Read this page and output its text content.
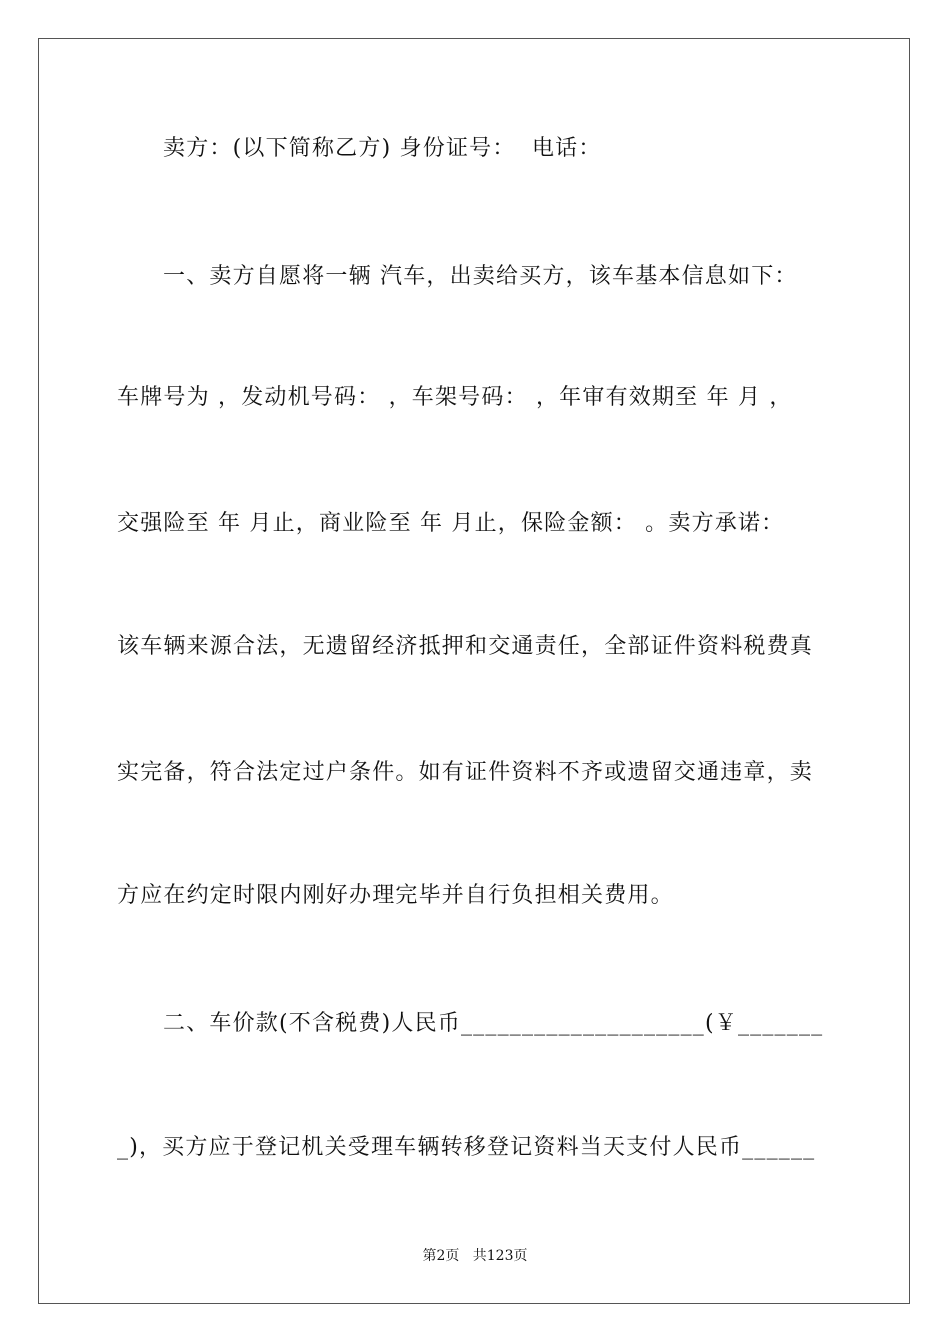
卖方：(以下简称乙方) 身份证号：  电话：
一、卖方自愿将一辆 汽车，出卖给买方，该车基本信息如下：
车牌号为 ，发动机号码： ，车架号码： ，年审有效期至 年 月 ，
交强险至 年 月止，商业险至 年 月止，保险金额： 。卖方承诺：
该车辆来源合法，无遗留经济抵押和交通责任，全部证件资料税费真
实完备，符合法定过户条件。如有证件资料不齐或遗留交通违章，卖
方应在约定时限内刚好办理完毕并自行负担相关费用。
二、车价款(不含税费)人民币____________________(￥_______
_)，买方应于登记机关受理车辆转移登记资料当天支付人民币______
第2页   共123页
